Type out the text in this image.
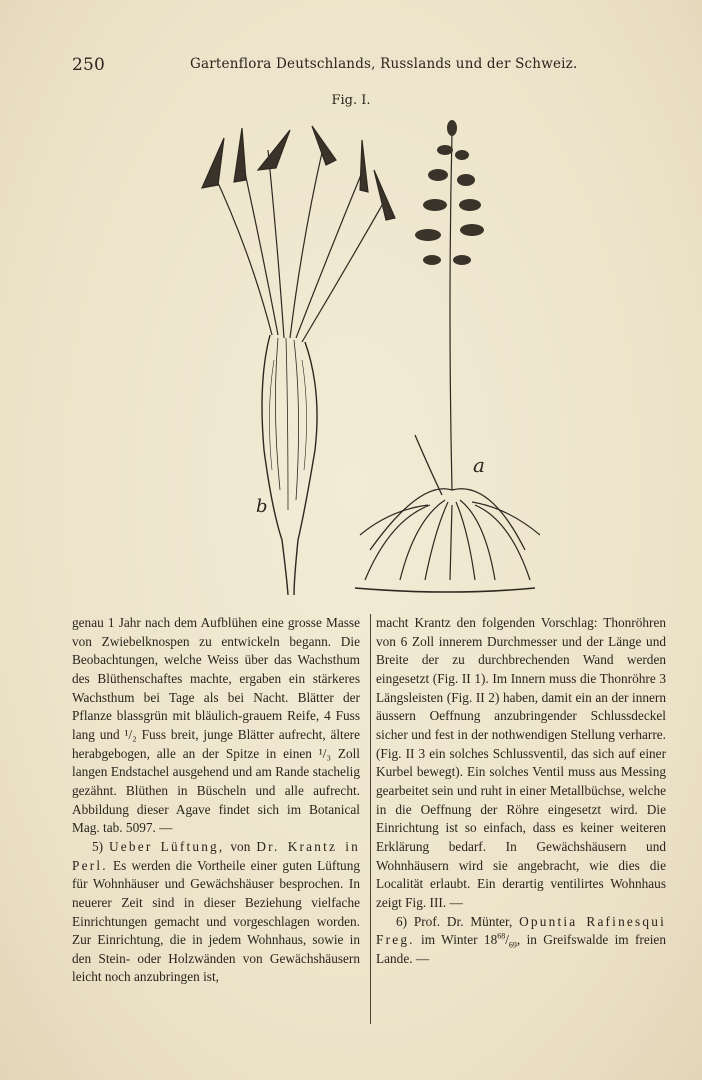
250	Gartenflora Deutschlands, Russlands und der Schweiz.
Fig. I.
b
a

genau 1 Jahr nach dem Aufblühen eine grosse Masse von Zwiebelknospen zu entwickeln begann. Die Beobachtungen, welche Weiss über das Wachsthum des Blüthenschaftes machte, ergaben ein stärkeres Wachsthum bei Tage als bei Nacht. Blätter der Pflanze blassgrün mit bläulich-grauem Reife, 4 Fuss lang und ¹/₂ Fuss breit, junge Blätter aufrecht, ältere herabgebogen, alle an der Spitze in einen ¹/₃ Zoll langen Endstachel ausgehend und am Rande stachelig gezähnt. Blüthen in Büscheln und alle aufrecht. Abbildung dieser Agave findet sich im Botanical Mag. tab. 5097. —

5) Ueber Lüftung, von Dr. Krantz in Perl. Es werden die Vortheile einer guten Lüftung für Wohnhäuser und Gewächshäuser besprochen. In neuerer Zeit sind in dieser Beziehung vielfache Einrichtungen gemacht und vorgeschlagen worden. Zur Einrichtung, die in jedem Wohnhaus, sowie in den Stein- oder Holzwänden von Gewächshäusern leicht noch anzubringen ist,

macht Krantz den folgenden Vorschlag: Thonröhren von 6 Zoll innerem Durchmesser und der Länge und Breite der zu durchbrechenden Wand werden eingesetzt (Fig. II 1). Im Innern muss die Thonröhre 3 Längsleisten (Fig. II 2) haben, damit ein an der innern äussern Oeffnung anzubringender Schlussdeckel sicher und fest in der nothwendigen Stellung verharre. (Fig. II 3 ein solches Schlussventil, das sich auf einer Kurbel bewegt). Ein solches Ventil muss aus Messing gearbeitet sein und ruht in einer Metallbüchse, welche in die Oeffnung der Röhre eingesetzt wird. Die Einrichtung ist so einfach, dass es keiner weiteren Erklärung bedarf. In Gewächshäusern und Wohnhäusern wird sie angebracht, wie dies die Localität erlaubt. Ein derartig ventilirtes Wohnhaus zeigt Fig. III. —

6) Prof. Dr. Münter, Opuntia Rafinesqui Freg. im Winter $18^{68}/_{69}$, in Greifswalde im freien Lande. —
